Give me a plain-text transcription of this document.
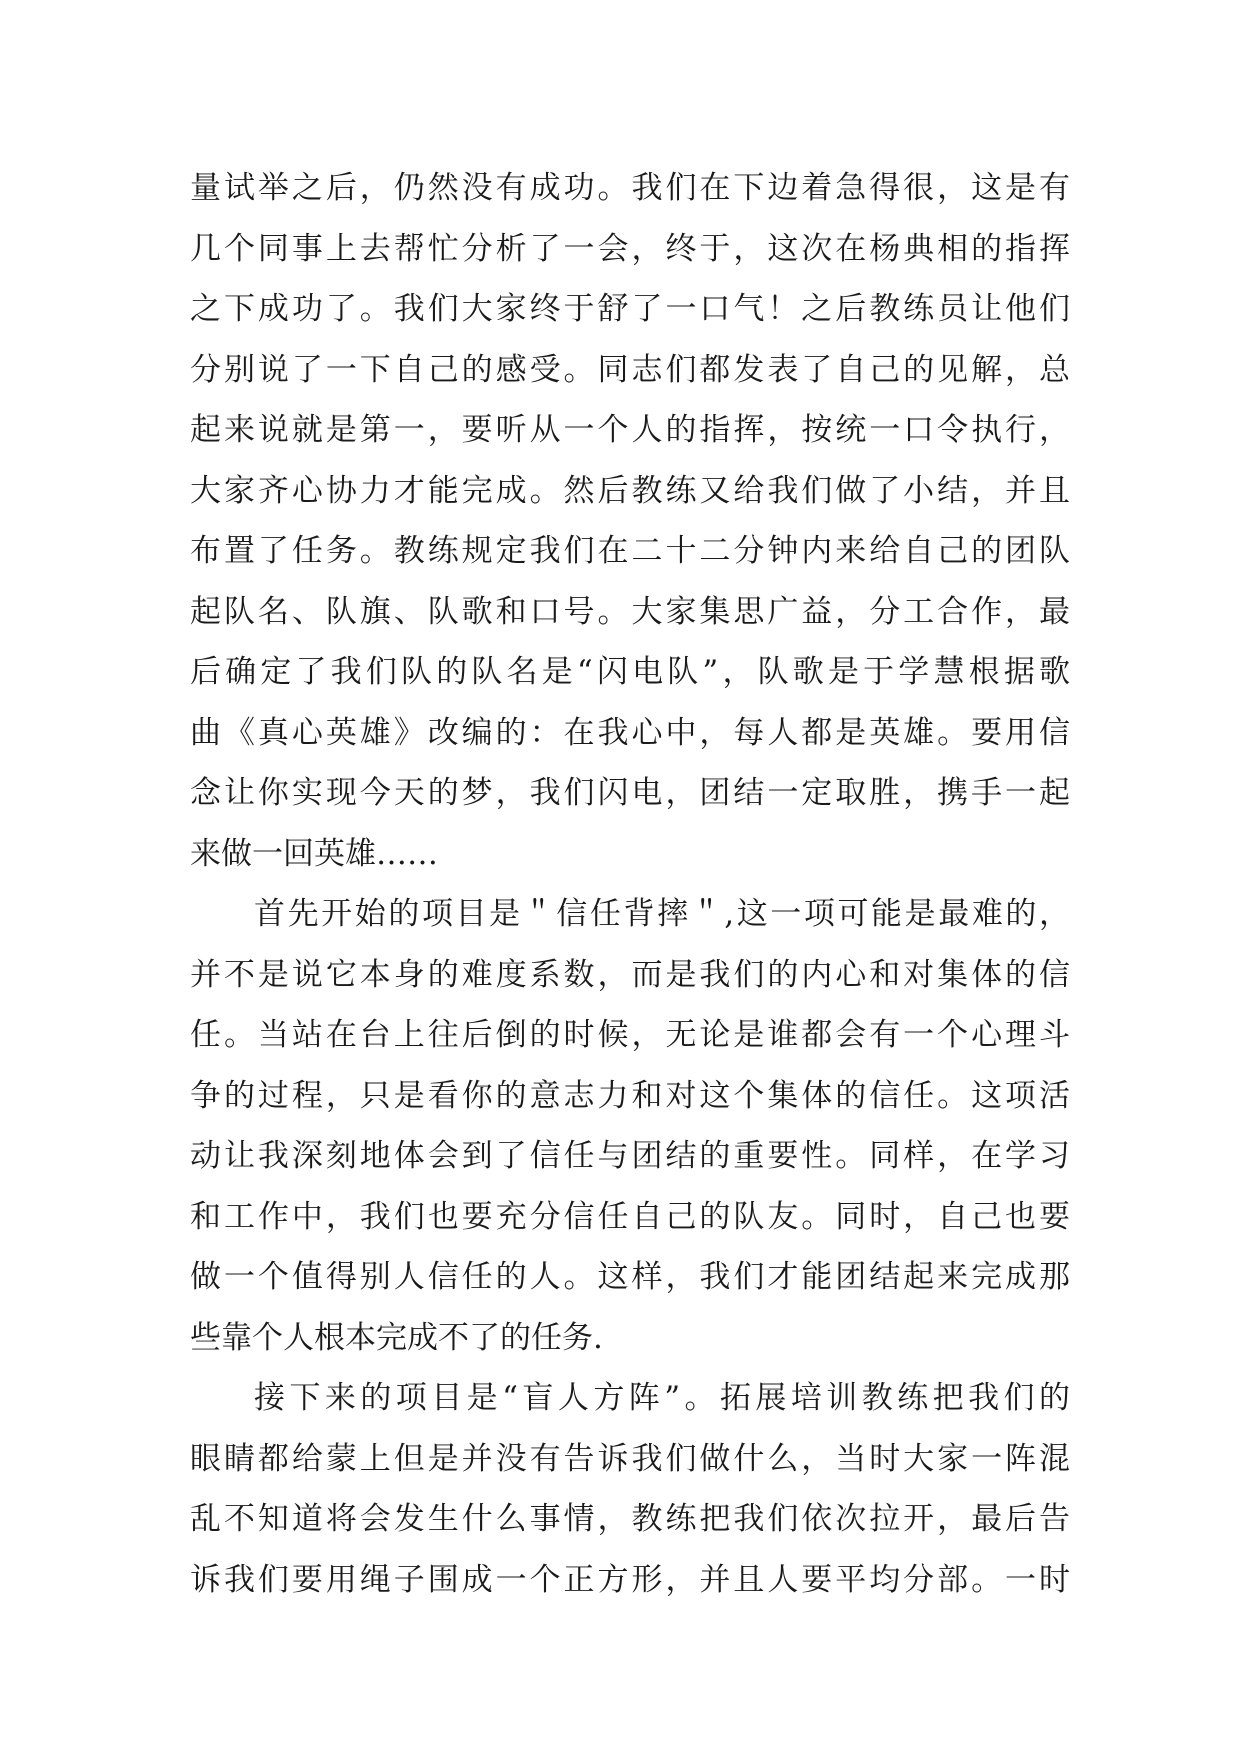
量试举之后，仍然没有成功。我们在下边着急得很，这是有
几个同事上去帮忙分析了一会，终于，这次在杨典相的指挥
之下成功了。我们大家终于舒了一口气！之后教练员让他们
分别说了一下自己的感受。同志们都发表了自己的见解，总
起来说就是第一，要听从一个人的指挥，按统一口令执行，
大家齐心协力才能完成。然后教练又给我们做了小结，并且
布置了任务。教练规定我们在二十二分钟内来给自己的团队
起队名、队旗、队歌和口号。大家集思广益，分工合作，最
后确定了我们队的队名是“闪电队”，队歌是于学慧根据歌
曲《真心英雄》改编的：在我心中，每人都是英雄。要用信
念让你实现今天的梦，我们闪电，团结一定取胜，携手一起
来做一回英雄……
首先开始的项目是＂信任背摔＂,这一项可能是最难的，
并不是说它本身的难度系数，而是我们的内心和对集体的信
任。当站在台上往后倒的时候，无论是谁都会有一个心理斗
争的过程，只是看你的意志力和对这个集体的信任。这项活
动让我深刻地体会到了信任与团结的重要性。同样，在学习
和工作中，我们也要充分信任自己的队友。同时，自己也要
做一个值得别人信任的人。这样，我们才能团结起来完成那
些靠个人根本完成不了的任务.
接下来的项目是“盲人方阵”。拓展培训教练把我们的
眼睛都给蒙上但是并没有告诉我们做什么，当时大家一阵混
乱不知道将会发生什么事情，教练把我们依次拉开，最后告
诉我们要用绳子围成一个正方形，并且人要平均分部。一时
